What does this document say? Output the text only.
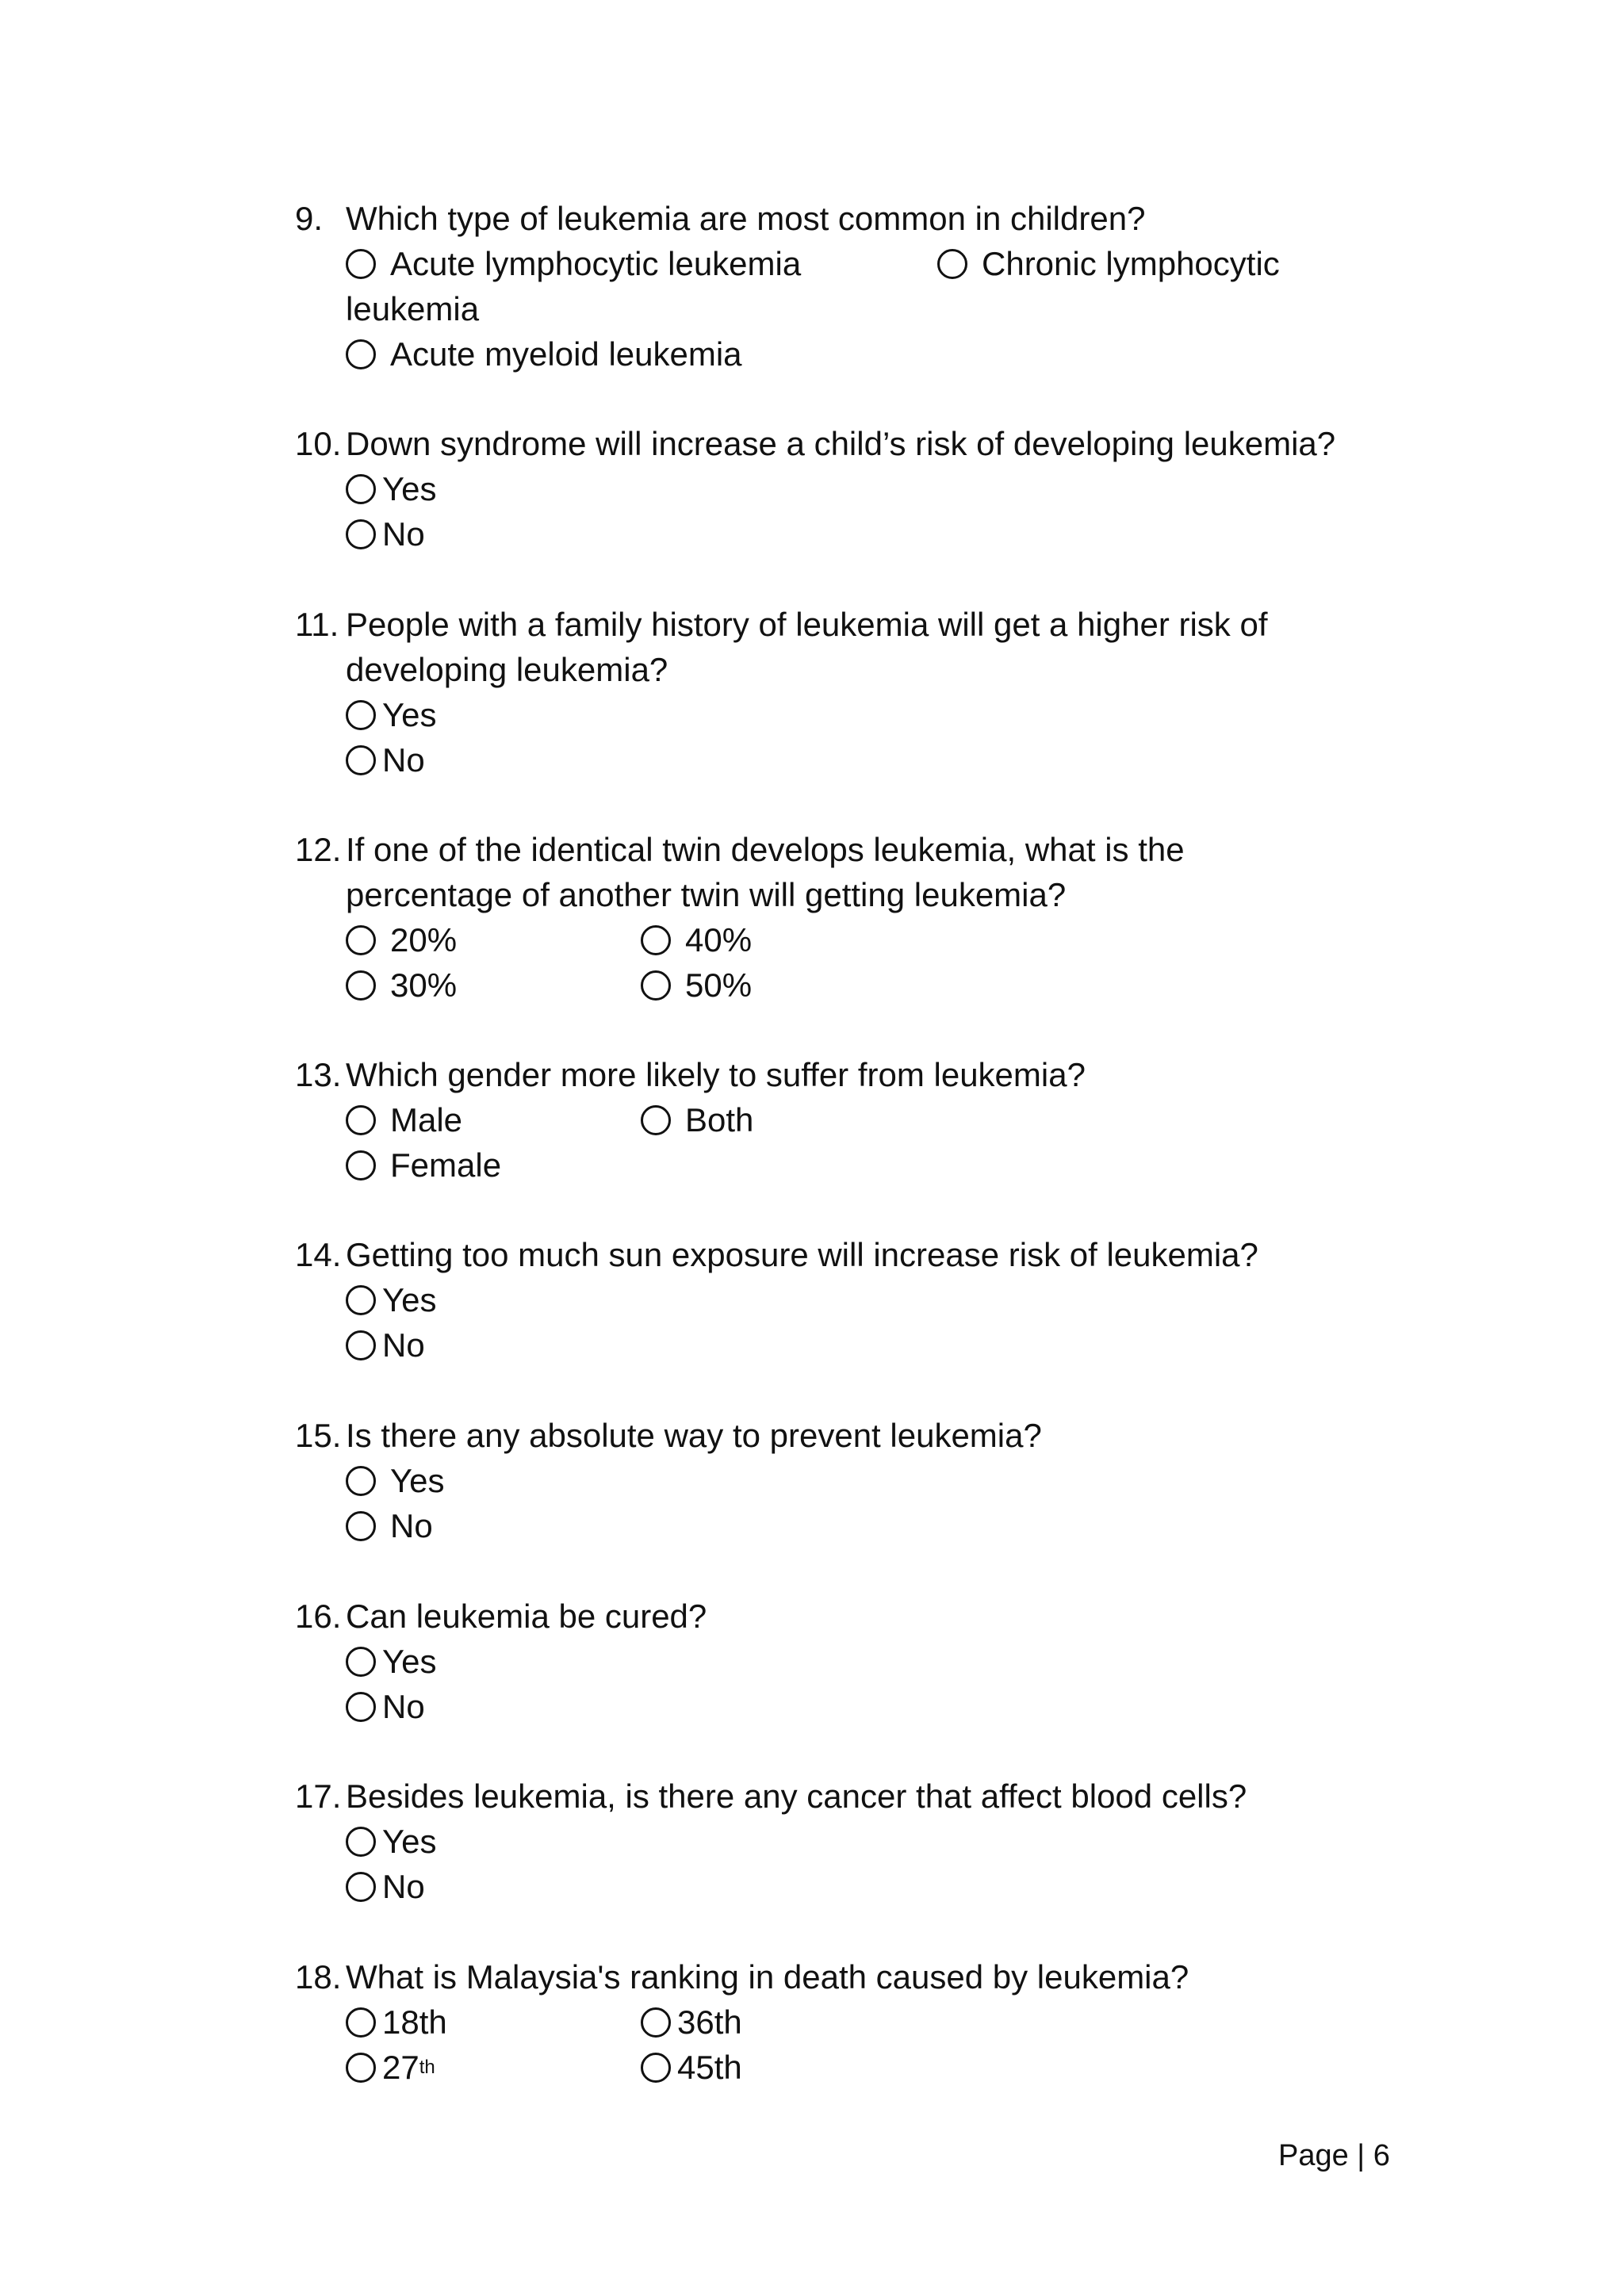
9. Which type of leukemia are most common in children?
Acute lymphocytic leukemia	Chronic lymphocytic
leukemia
Acute myeloid leukemia
10. Down syndrome will increase a child’s risk of developing leukemia?
Yes
No
11. People with a family history of leukemia will get a higher risk of
developing leukemia?
Yes
No
12. If one of the identical twin develops leukemia, what is the
percentage of another twin will getting leukemia?
20%	40%
30%	50%
13. Which gender more likely to suffer from leukemia?
Male	Both
Female
14. Getting too much sun exposure will increase risk of leukemia?
Yes
No
15. Is there any absolute way to prevent leukemia?
Yes
No
16. Can leukemia be cured?
Yes
No
17. Besides leukemia, is there any cancer that affect blood cells?
Yes
No
18. What is Malaysia's ranking in death caused by leukemia?
18th	36th
27 th	45th
Page | 6
